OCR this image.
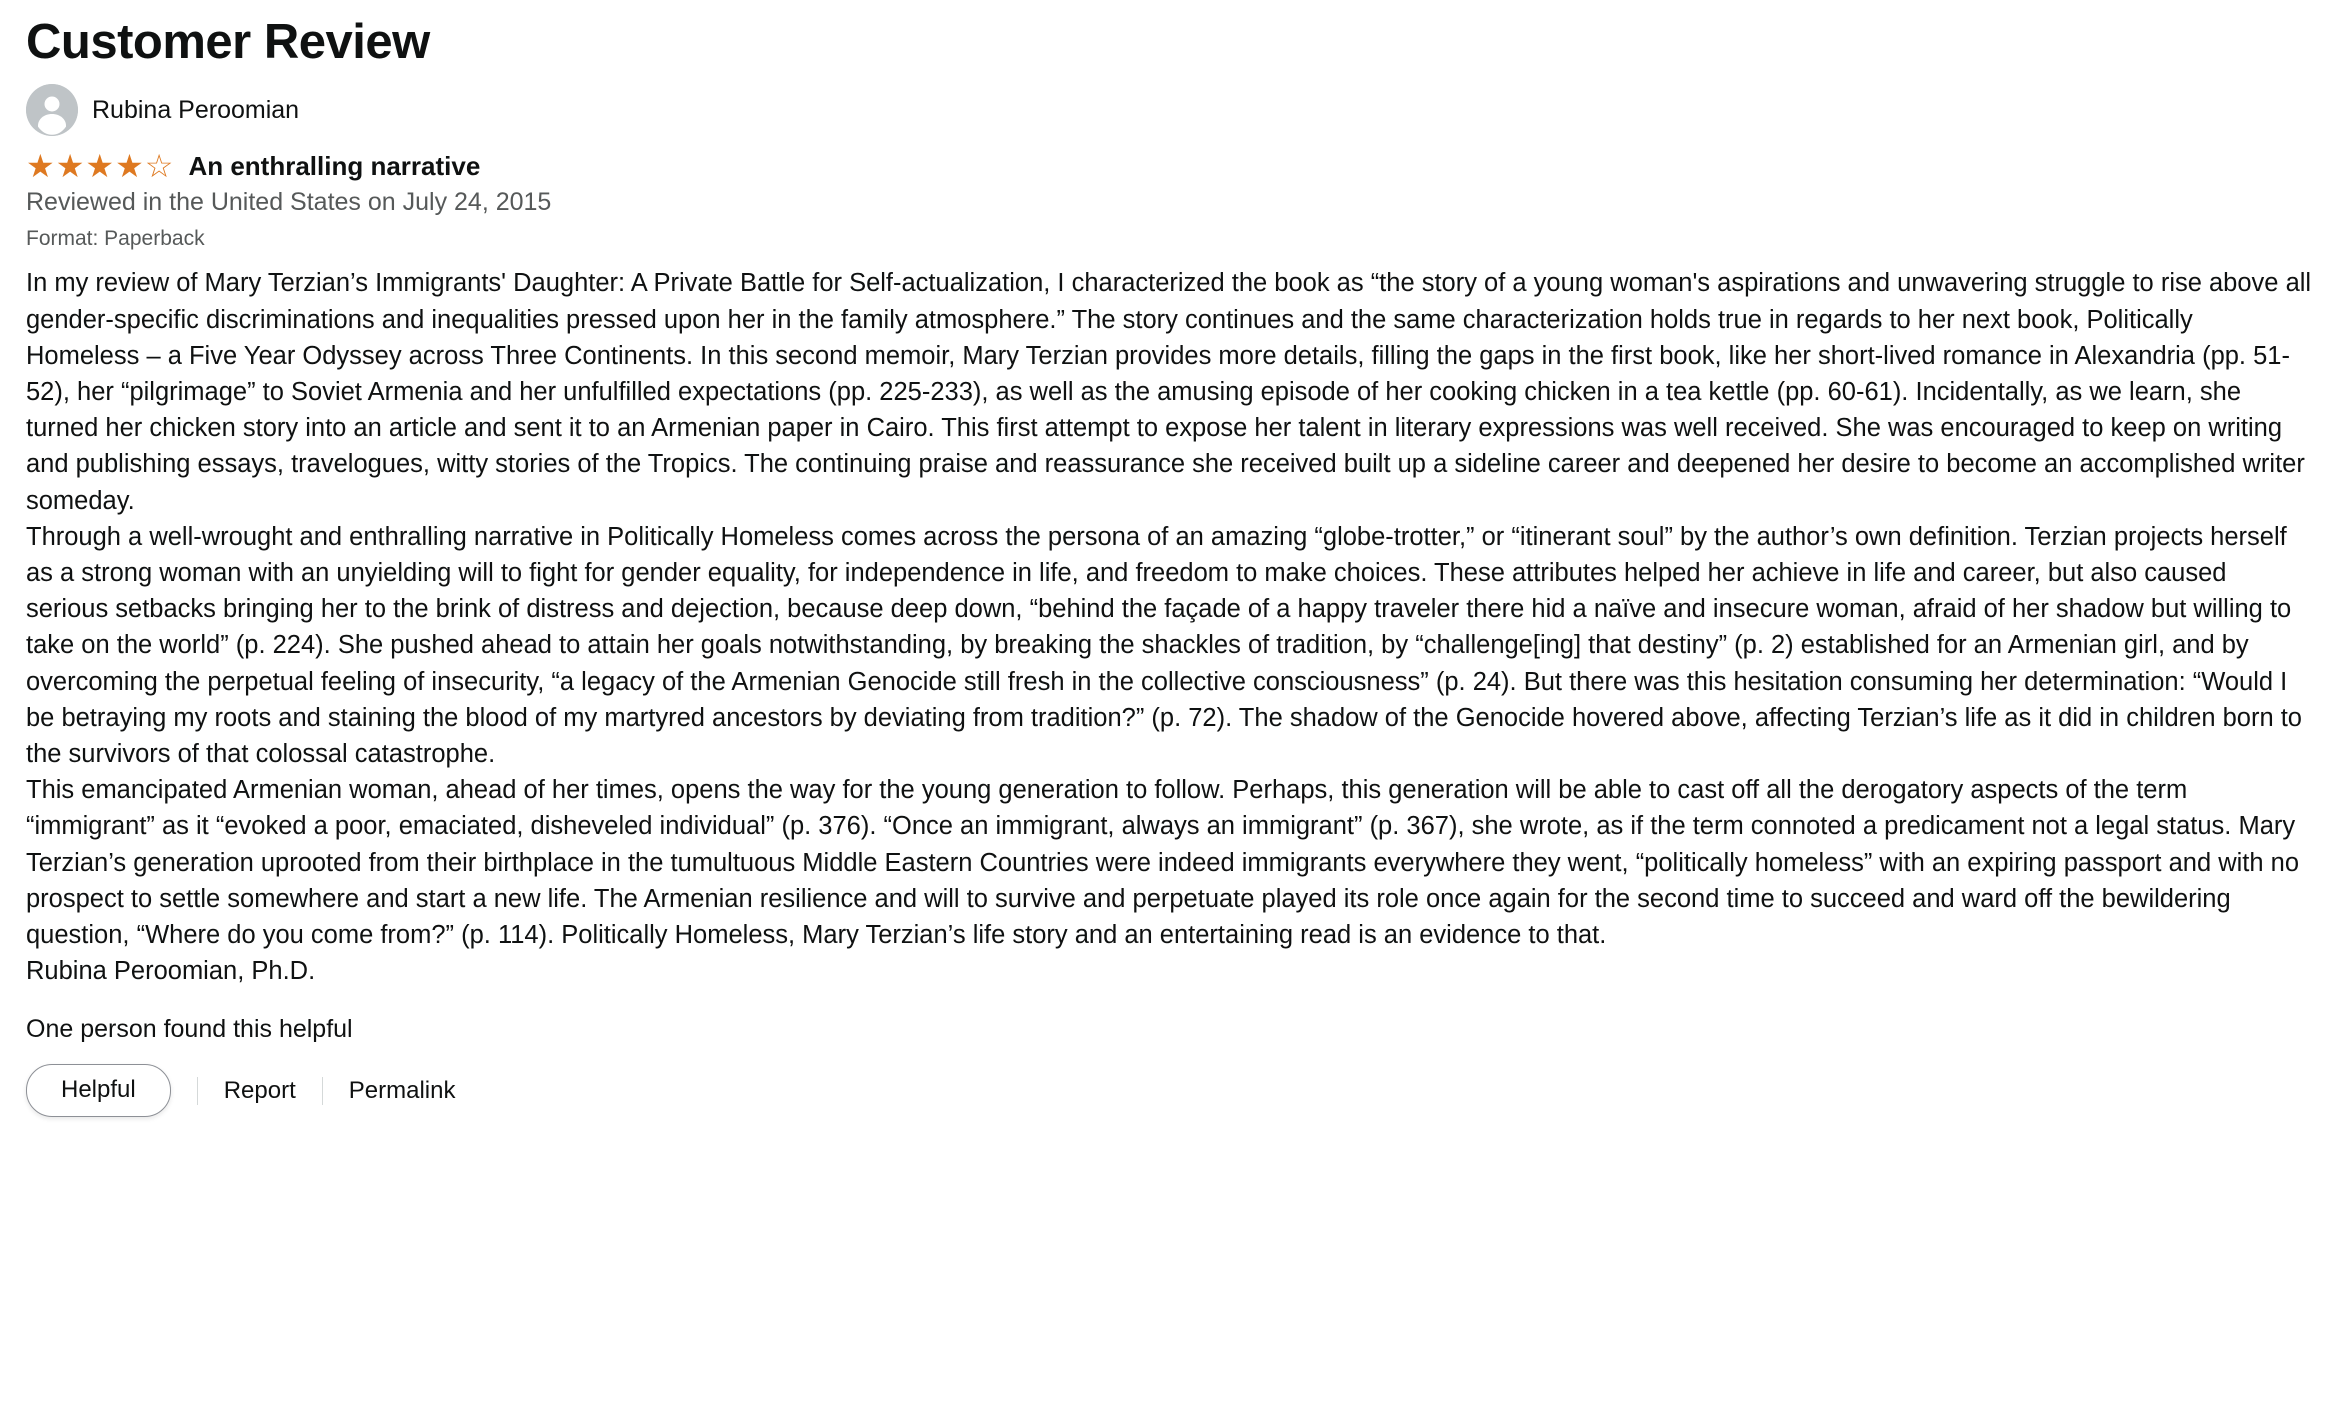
Customer Review
Rubina Peroomian
★★★★☆ An enthralling narrative
Reviewed in the United States on July 24, 2015
Format: Paperback

In my review of Mary Terzian’s Immigrants' Daughter: A Private Battle for Self-actualization, I characterized the book as “the story of a young woman's aspirations and unwavering struggle to rise above all gender-specific discriminations and inequalities pressed upon her in the family atmosphere.” The story continues and the same characterization holds true in regards to her next book, Politically Homeless – a Five Year Odyssey across Three Continents. In this second memoir, Mary Terzian provides more details, filling the gaps in the first book, like her short-lived romance in Alexandria (pp. 51-52), her “pilgrimage” to Soviet Armenia and her unfulfilled expectations (pp. 225-233), as well as the amusing episode of her cooking chicken in a tea kettle (pp. 60-61). Incidentally, as we learn, she turned her chicken story into an article and sent it to an Armenian paper in Cairo. This first attempt to expose her talent in literary expressions was well received. She was encouraged to keep on writing and publishing essays, travelogues, witty stories of the Tropics. The continuing praise and reassurance she received built up a sideline career and deepened her desire to become an accomplished writer someday.

Through a well-wrought and enthralling narrative in Politically Homeless comes across the persona of an amazing “globe-trotter,” or “itinerant soul” by the author’s own definition. Terzian projects herself as a strong woman with an unyielding will to fight for gender equality, for independence in life, and freedom to make choices. These attributes helped her achieve in life and career, but also caused serious setbacks bringing her to the brink of distress and dejection, because deep down, “behind the façade of a happy traveler there hid a naïve and insecure woman, afraid of her shadow but willing to take on the world” (p. 224). She pushed ahead to attain her goals notwithstanding, by breaking the shackles of tradition, by “challenge[ing] that destiny” (p. 2) established for an Armenian girl, and by overcoming the perpetual feeling of insecurity, “a legacy of the Armenian Genocide still fresh in the collective consciousness” (p. 24). But there was this hesitation consuming her determination: “Would I be betraying my roots and staining the blood of my martyred ancestors by deviating from tradition?” (p. 72). The shadow of the Genocide hovered above, affecting Terzian’s life as it did in children born to the survivors of that colossal catastrophe.

This emancipated Armenian woman, ahead of her times, opens the way for the young generation to follow. Perhaps, this generation will be able to cast off all the derogatory aspects of the term “immigrant” as it “evoked a poor, emaciated, disheveled individual” (p. 376). “Once an immigrant, always an immigrant” (p. 367), she wrote, as if the term connoted a predicament not a legal status. Mary Terzian’s generation uprooted from their birthplace in the tumultuous Middle Eastern Countries were indeed immigrants everywhere they went, “politically homeless” with an expiring passport and with no prospect to settle somewhere and start a new life. The Armenian resilience and will to survive and perpetuate played its role once again for the second time to succeed and ward off the bewildering question, “Where do you come from?” (p. 114). Politically Homeless, Mary Terzian’s life story and an entertaining read is an evidence to that.

Rubina Peroomian, Ph.D.

One person found this helpful
Helpful	Report Permalink
